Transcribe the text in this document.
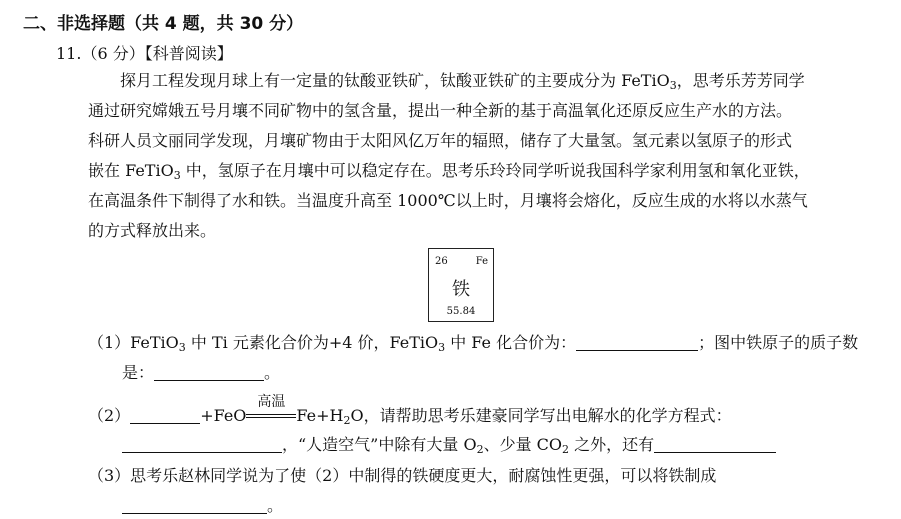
二、非选择题（共 4 题，共 30 分）
11.（6 分）【科普阅读】
探月工程发现月球上有一定量的钛酸亚铁矿，钛酸亚铁矿的主要成分为 FeTiO$_3$，思考乐芳芳同学
通过研究嫦娥五号月壤不同矿物中的氢含量，提出一种全新的基于高温氧化还原反应生产水的方法。
科研人员文丽同学发现，月壤矿物由于太阳风亿万年的辐照，储存了大量氢。氢元素以氢原子的形式
嵌在 FeTiO$_3$ 中，氢原子在月壤中可以稳定存在。思考乐玲玲同学听说我国科学家利用氢和氧化亚铁，
在高温条件下制得了水和铁。当温度升高至 1000℃以上时，月壤将会熔化，反应生成的水将以水蒸气
的方式释放出来。
26	Fe
铁
55.84
（1）FeTiO$_3$ 中 Ti 元素化合价为+4 价，FeTiO$_3$ 中 Fe 化合价为：	；图中铁原子的质子数
是：	。
（2）	+FeO
高温
$Fe+H_2O$，请帮助思考乐建豪同学写出电解水的化学方程式：
，“人造空气”中除有大量 $O_2$、少量 $CO_2$ 之外，还有
（3）思考乐赵林同学说为了使（2）中制得的铁硬度更大，耐腐蚀性更强，可以将铁制成
。
